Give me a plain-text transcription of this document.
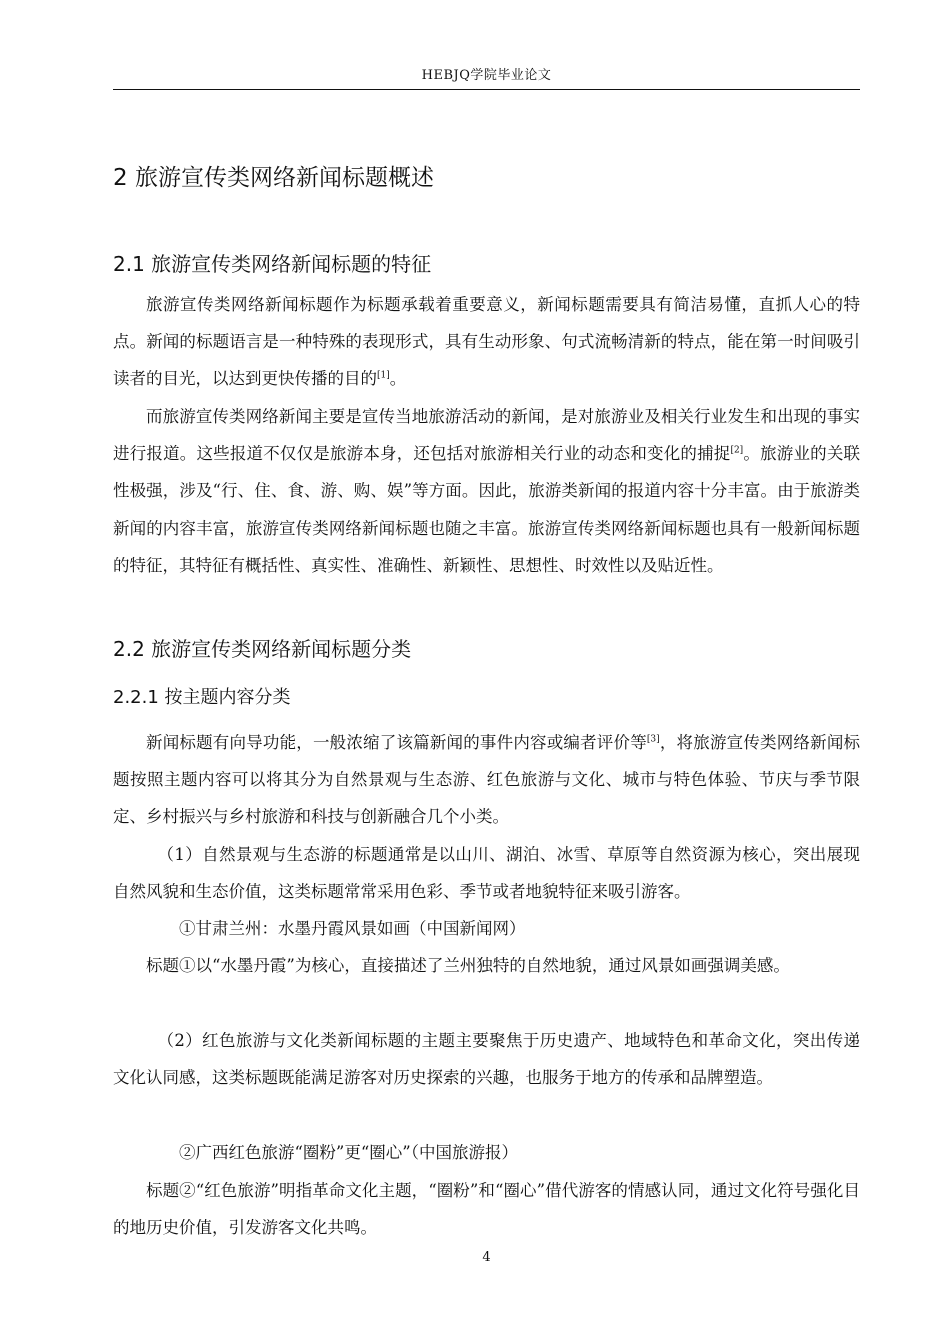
HEBJQ学院毕业论文
2 旅游宣传类网络新闻标题概述
2.1 旅游宣传类网络新闻标题的特征

旅游宣传类网络新闻标题作为标题承载着重要意义，新闻标题需要具有简洁易懂，直抓人心的特点。新闻的标题语言是一种特殊的表现形式，具有生动形象、句式流畅清新的特点，能在第一时间吸引读者的目光，以达到更快传播的目的[1]。

而旅游宣传类网络新闻主要是宣传当地旅游活动的新闻，是对旅游业及相关行业发生和出现的事实进行报道。这些报道不仅仅是旅游本身，还包括对旅游相关行业的动态和变化的捕捉[2]。旅游业的关联性极强，涉及“行、住、食、游、购、娱”等方面。因此，旅游类新闻的报道内容十分丰富。由于旅游类新闻的内容丰富，旅游宣传类网络新闻标题也随之丰富。旅游宣传类网络新闻标题也具有一般新闻标题的特征，其特征有概括性、真实性、准确性、新颖性、思想性、时效性以及贴近性。

2.2 旅游宣传类网络新闻标题分类
2.2.1 按主题内容分类

新闻标题有向导功能，一般浓缩了该篇新闻的事件内容或编者评价等[3]，将旅游宣传类网络新闻标题按照主题内容可以将其分为自然景观与生态游、红色旅游与文化、城市与特色体验、节庆与季节限定、乡村振兴与乡村旅游和科技与创新融合几个小类。

（1）自然景观与生态游的标题通常是以山川、湖泊、冰雪、草原等自然资源为核心，突出展现自然风貌和生态价值，这类标题常常采用色彩、季节或者地貌特征来吸引游客。

①甘肃兰州：水墨丹霞风景如画（中国新闻网）

标题①以“水墨丹霞”为核心，直接描述了兰州独特的自然地貌，通过风景如画强调美感。

（2）红色旅游与文化类新闻标题的主题主要聚焦于历史遗产、地域特色和革命文化，突出传递文化认同感，这类标题既能满足游客对历史探索的兴趣，也服务于地方的传承和品牌塑造。

②广西红色旅游“圈粉”更“圈心”（中国旅游报）

标题②“红色旅游”明指革命文化主题，“圈粉”和“圈心”借代游客的情感认同，通过文化符号强化目的地历史价值，引发游客文化共鸣。

4
